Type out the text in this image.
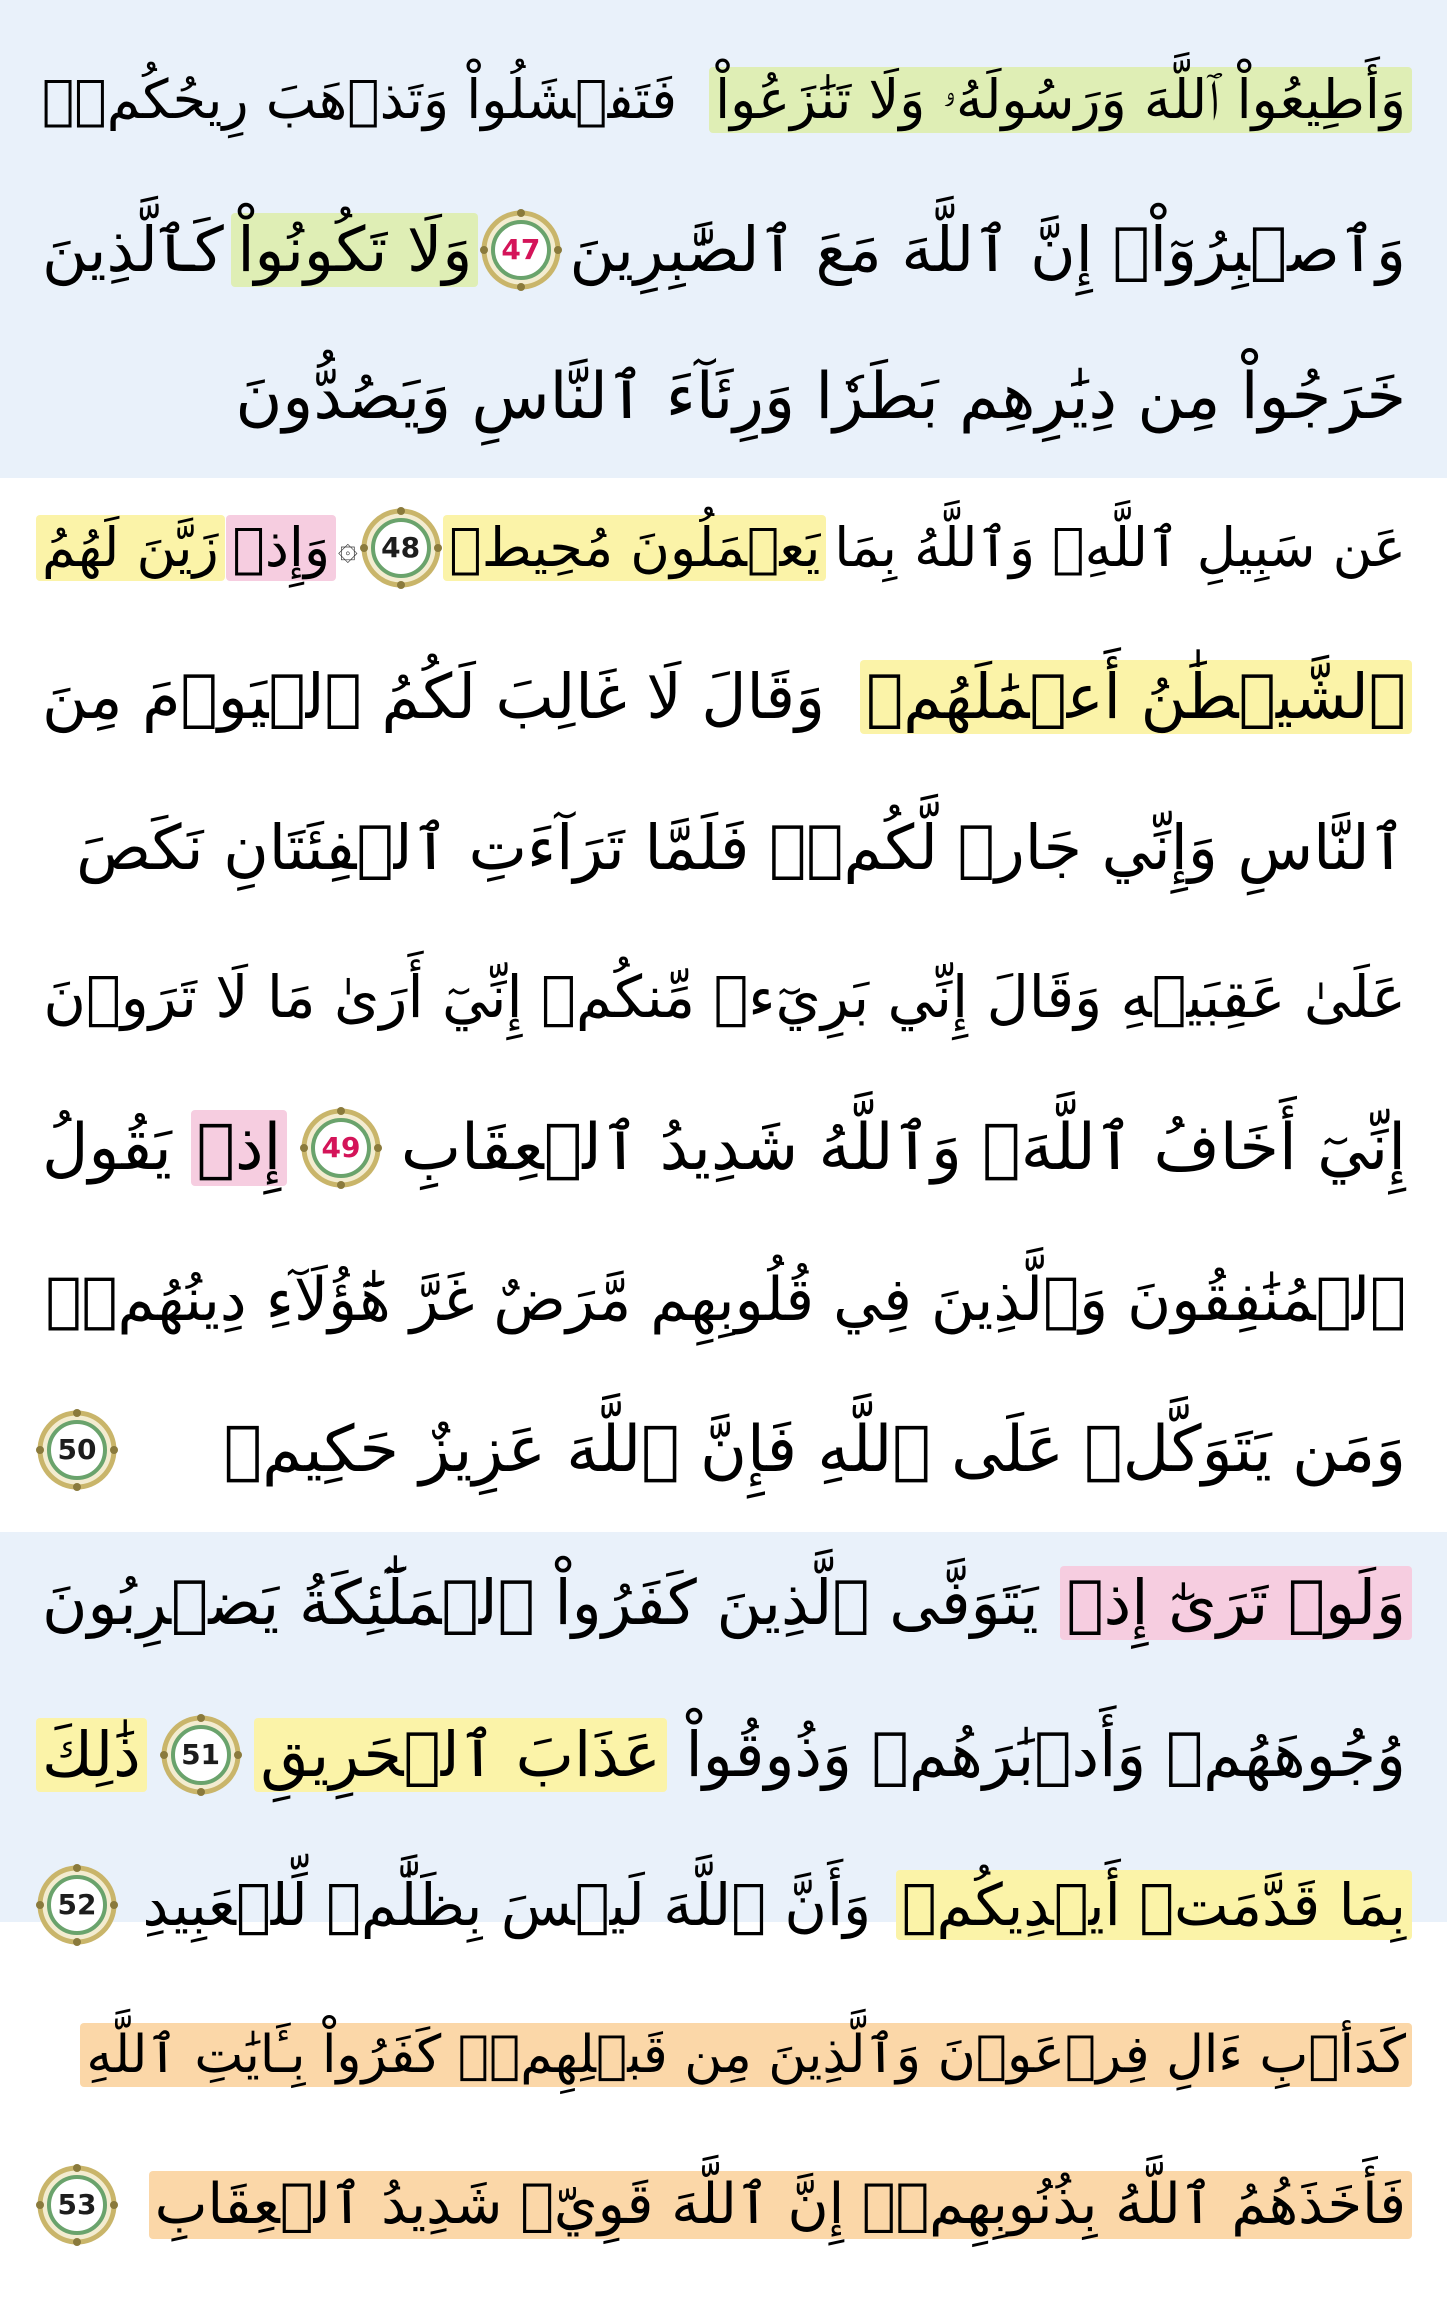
وَأَطِيعُواْ ٱللَّهَ وَرَسُولَهُۥ وَلَا تَنَٰزَعُواْ
فَتَفۡشَلُواْ وَتَذۡهَبَ رِيحُكُمۡۖ
وَٱصۡبِرُوٓاْۚ إِنَّ ٱللَّهَ مَعَ ٱلصَّٰبِرِينَ
47
وَلَا تَكُونُواْ
كَٱلَّذِينَ
خَرَجُواْ مِن دِيَٰرِهِم بَطَرٗا وَرِئَآءَ ٱلنَّاسِ وَيَصُدُّونَ
عَن سَبِيلِ ٱللَّهِۚ وَٱللَّهُ بِمَا
يَعۡمَلُونَ مُحِيطٞ
48
۞
وَإِذۡ
زَيَّنَ لَهُمُ
ٱلشَّيۡطَٰنُ أَعۡمَٰلَهُمۡ
وَقَالَ لَا غَالِبَ لَكُمُ ٱلۡيَوۡمَ مِنَ
ٱلنَّاسِ وَإِنِّي جَارٞ لَّكُمۡۖ فَلَمَّا تَرَآءَتِ ٱلۡفِئَتَانِ نَكَصَ
عَلَىٰ عَقِبَيۡهِ وَقَالَ إِنِّي بَرِيٓءٞ مِّنكُمۡ إِنِّيٓ أَرَىٰ مَا لَا تَرَوۡنَ
إِنِّيٓ أَخَافُ ٱللَّهَۚ وَٱللَّهُ شَدِيدُ ٱلۡعِقَابِ
49
إِذۡ
يَقُولُ
ٱلۡمُنَٰفِقُونَ وَٱلَّذِينَ فِي قُلُوبِهِم مَّرَضٌ غَرَّ هَٰٓؤُلَآءِ دِينُهُمۡۗ
وَمَن يَتَوَكَّلۡ عَلَى ٱللَّهِ فَإِنَّ ٱللَّهَ عَزِيزٌ حَكِيمٞ
50
وَلَوۡ تَرَىٰٓ إِذۡ
يَتَوَفَّى ٱلَّذِينَ كَفَرُواْ ٱلۡمَلَٰٓئِكَةُ يَضۡرِبُونَ
وُجُوهَهُمۡ وَأَدۡبَٰرَهُمۡ وَذُوقُواْ
عَذَابَ ٱلۡحَرِيقِ
51
ذَٰلِكَ
بِمَا قَدَّمَتۡ أَيۡدِيكُمۡ
وَأَنَّ ٱللَّهَ لَيۡسَ بِظَلَّٰمٖ لِّلۡعَبِيدِ
52
كَدَأۡبِ ءَالِ فِرۡعَوۡنَ وَٱلَّذِينَ مِن قَبۡلِهِمۡۚ كَفَرُواْ بِـَٔايَٰتِ ٱللَّهِ
فَأَخَذَهُمُ ٱللَّهُ بِذُنُوبِهِمۡۚ إِنَّ ٱللَّهَ قَوِيّٞ شَدِيدُ ٱلۡعِقَابِ
53
